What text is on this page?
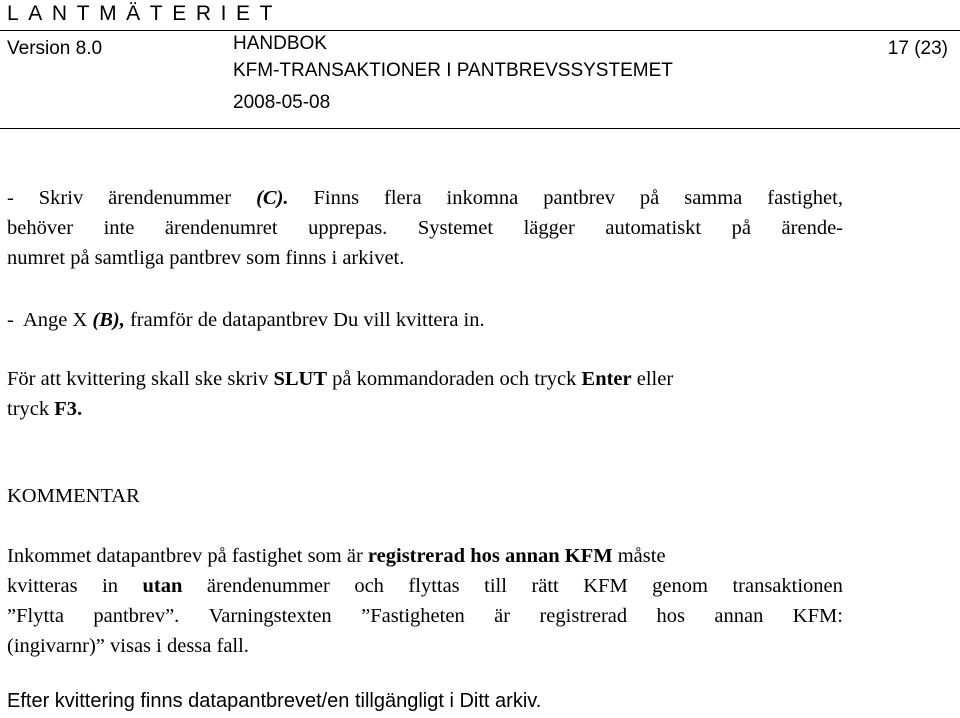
LANTMÄTERIET
Version 8.0	HANDBOK
KFM-TRANSAKTIONER I PANTBREVSSYSTEMET
2008-05-08
17 (23)
- Skriv ärendenummer (C). Finns flera inkomna pantbrev på samma fastighet,
behöver inte ärendenumret upprepas. Systemet lägger automatiskt på ärende-
numret på samtliga pantbrev som finns i arkivet.
-  Ange X (B), framför de datapantbrev Du vill kvittera in.
För att kvittering skall ske skriv SLUT på kommandoraden och tryck Enter eller
tryck F3.
KOMMENTAR
Inkommet datapantbrev på fastighet som är registrerad hos annan KFM måste
kvitteras in utan ärendenummer och flyttas till rätt KFM genom transaktionen
”Flytta pantbrev”. Varningstexten ”Fastigheten är registrerad hos annan KFM:
(ingivarnr)” visas i dessa fall.
Efter kvittering finns datapantbrevet/en tillgängligt i Ditt arkiv.
